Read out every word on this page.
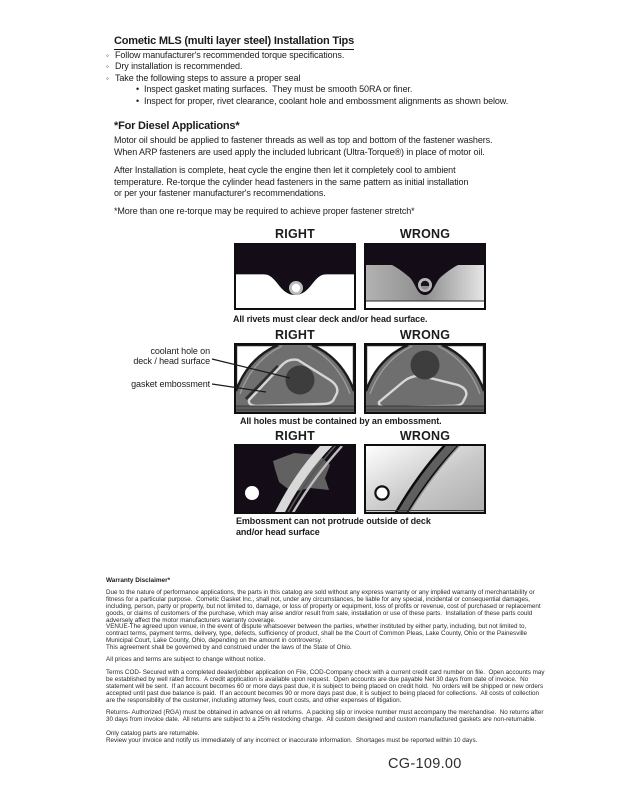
Cometic MLS (multi layer steel) Installation Tips
◦ Follow manufacturer's recommended torque specifications.
◦ Dry installation is recommended.
◦ Take the following steps to assure a proper seal
• Inspect gasket mating surfaces.  They must be smooth 50RA or finer.
• Inspect for proper, rivet clearance, coolant hole and embossment alignments as shown below.
*For Diesel Applications*
Motor oil should be applied to fastener threads as well as top and bottom of the fastener washers.
When ARP fasteners are used apply the included lubricant (Ultra-Torque®) in place of motor oil.
After Installation is complete, heat cycle the engine then let it completely cool to ambient
temperature. Re-torque the cylinder head fasteners in the same pattern as initial installation
or per your fastener manufacturer's recommendations.
*More than one re-torque may be required to achieve proper fastener stretch*
RIGHT	WRONG
All rivets must clear deck and/or head surface.
RIGHT	WRONG
coolant hole on
deck / head surface
gasket embossment
All holes must be contained by an embossment.
RIGHT	WRONG
Embossment can not protrude outside of deck
and/or head surface
Warranty Disclaimer*
Due to the nature of performance applications, the parts in this catalog are sold without any express warranty or any implied warranty of merchantability or
fitness for a particular purpose.  Cometic Gasket Inc., shall not, under any circumstances, be liable for any special, incidental or consequential damages,
including, person, party or property, but not limited to, damage, or loss of property or equipment, loss of profits or revenue, cost of purchased or replacement
goods, or claims of customers of the purchase, which may arise and/or result from sale, installation or use of these parts.  Installation of these parts could
adversely affect the motor manufacturers warranty coverage.
VENUE-The agreed upon venue, in the event of dispute whatsoever between the parties, whether instituted by either party, including, but not limited to,
contract terms, payment terms, delivery, type, defects, sufficiency of product, shall be the Court of Common Pleas, Lake County, Ohio or the Painesville
Municipal Court, Lake County, Ohio, depending on the amount in controversy.
This agreement shall be governed by and construed under the laws of the State of Ohio.
All prices and terms are subject to change without notice.
Terms COD- Secured with a completed dealer/jobber application on File, COD-Company check with a current credit card number on file.  Open accounts may
be established by well rated firms.  A credit application is available upon request.  Open accounts are due payable Net 30 days from date of invoice.  No
statement will be sent.  If an account becomes 60 or more days past due, it is subject to being placed on credit hold.  No orders will be shipped or new orders
accepted until past due balance is paid.  If an account becomes 90 or more days past due, it is subject to being placed for collections.  All costs of collection
are the responsibility of the customer, including attorney fees, court costs, and other expenses of litigation.
Returns- Authorized (RGA) must be obtained in advance on all returns.  A packing slip or invoice number must accompany the merchandise.  No returns after
30 days from invoice date.  All returns are subject to a 25% restocking charge.  All custom designed and custom manufactured gaskets are non-returnable.
Only catalog parts are returnable.
Review your invoice and notify us immediately of any incorrect or inaccurate information.  Shortages must be reported within 10 days.
CG-109.00
